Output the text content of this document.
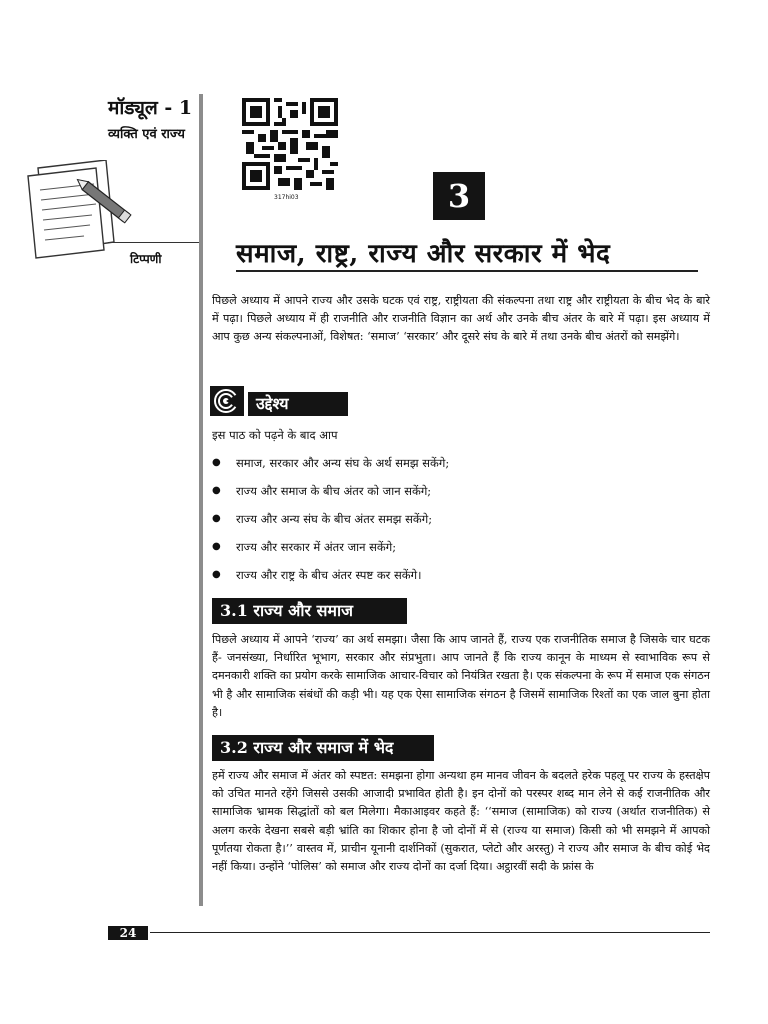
मॉड्यूल - 1
व्यक्ति एवं राज्य
टिप्पणी
317hi03	3
समाज, राष्ट्र, राज्य और सरकार में भेद
पिछले अध्याय में आपने राज्य और उसके घटक एवं राष्ट्र, राष्ट्रीयता की संकल्पना तथा राष्ट्र और राष्ट्रीयता के बीच भेद के बारे में पढ़ा। पिछले अध्याय में ही राजनीति और राजनीति विज्ञान का अर्थ और उनके बीच अंतर के बारे में पढ़ा। इस अध्याय में आप कुछ अन्य संकल्पनाओं, विशेषत: ‘समाज’ ‘सरकार’ और दूसरे संघ के बारे में तथा उनके बीच अंतरों को समझेंगे।
उद्देश्य
इस पाठ को पढ़ने के बाद आप
● समाज, सरकार और अन्य संघ के अर्थ समझ सकेंगे;
● राज्य और समाज के बीच अंतर को जान सकेंगे;
● राज्य और अन्य संघ के बीच अंतर समझ सकेंगे;
● राज्य और सरकार में अंतर जान सकेंगे;
● राज्य और राष्ट्र के बीच अंतर स्पष्ट कर सकेंगे।
3.1 राज्य और समाज
पिछले अध्याय में आपने ‘राज्य’ का अर्थ समझा। जैसा कि आप जानते हैं, राज्य एक राजनीतिक समाज है जिसके चार घटक हैं- जनसंख्या, निर्धारित भूभाग, सरकार और संप्रभुता। आप जानते हैं कि राज्य कानून के माध्यम से स्वाभाविक रूप से दमनकारी शक्ति का प्रयोग करके सामाजिक आचार-विचार को नियंत्रित रखता है। एक संकल्पना के रूप में समाज एक संगठन भी है और सामाजिक संबंधों की कड़ी भी। यह एक ऐसा सामाजिक संगठन है जिसमें सामाजिक रिश्तों का एक जाल बुना होता है।
3.2 राज्य और समाज में भेद
हमें राज्य और समाज में अंतर को स्पष्टत: समझना होगा अन्यथा हम मानव जीवन के बदलते हरेक पहलू पर राज्य के हस्तक्षेप को उचित मानते रहेंगे जिससे उसकी आजादी प्रभावित होती है। इन दोनों को परस्पर शब्द मान लेने से कई राजनीतिक और सामाजिक भ्रामक सिद्धांतों को बल मिलेगा। मैकाआइवर कहते हैं: ‘‘समाज (सामाजिक) को राज्य (अर्थात राजनीतिक) से अलग करके देखना सबसे बड़ी भ्रांति का शिकार होना है जो दोनों में से (राज्य या समाज) किसी को भी समझने में आपको पूर्णतया रोकता है।’’ वास्तव में, प्राचीन यूनानी दार्शनिकों (सुकरात, प्लेटो और अरस्तु) ने राज्य और समाज के बीच कोई भेद नहीं किया। उन्होंने ‘पोलिस’ को समाज और राज्य दोनों का दर्जा दिया। अट्ठारवीं सदी के फ्रांस के
24
